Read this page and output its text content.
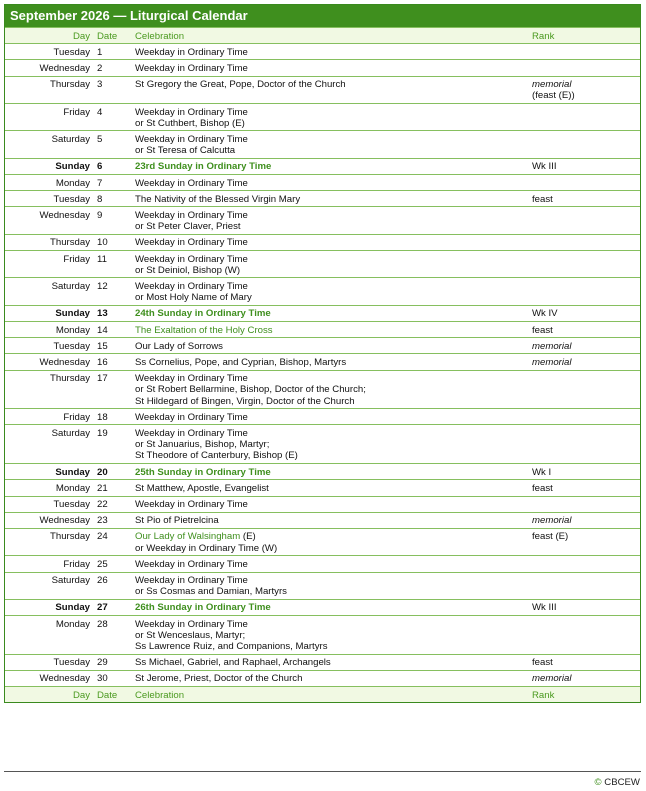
September 2026 — Liturgical Calendar
Day	Date	Celebration	Rank
Tuesday	1	Weekday in Ordinary Time	

Wednesday	2	Weekday in Ordinary Time	

Thursday	3	St Gregory the Great, Pope, Doctor of the Church	memorial
(feast (E))

Friday	4	Weekday in Ordinary Time
or St Cuthbert, Bishop (E)	

Saturday	5	Weekday in Ordinary Time
or St Teresa of Calcutta	

Sunday	6	23rd Sunday in Ordinary Time	Wk III

Monday	7	Weekday in Ordinary Time	

Tuesday	8	The Nativity of the Blessed Virgin Mary	feast

Wednesday	9	Weekday in Ordinary Time
or St Peter Claver, Priest	

Thursday	10	Weekday in Ordinary Time	

Friday	11	Weekday in Ordinary Time
or St Deiniol, Bishop (W)	

Saturday	12	Weekday in Ordinary Time
or Most Holy Name of Mary	

Sunday	13	24th Sunday in Ordinary Time	Wk IV

Monday	14	The Exaltation of the Holy Cross	feast

Tuesday	15	Our Lady of Sorrows	memorial

Wednesday	16	Ss Cornelius, Pope, and Cyprian, Bishop, Martyrs	memorial

Thursday	17	Weekday in Ordinary Time
or St Robert Bellarmine, Bishop, Doctor of the Church;
St Hildegard of Bingen, Virgin, Doctor of the Church	

Friday	18	Weekday in Ordinary Time	

Saturday	19	Weekday in Ordinary Time
or St Januarius, Bishop, Martyr;
St Theodore of Canterbury, Bishop (E)	

Sunday	20	25th Sunday in Ordinary Time	Wk I

Monday	21	St Matthew, Apostle, Evangelist	feast

Tuesday	22	Weekday in Ordinary Time	

Wednesday	23	St Pio of Pietrelcina	memorial

Thursday	24	Our Lady of Walsingham (E)
or Weekday in Ordinary Time (W)	feast (E)

Friday	25	Weekday in Ordinary Time	

Saturday	26	Weekday in Ordinary Time
or Ss Cosmas and Damian, Martyrs	

Sunday	27	26th Sunday in Ordinary Time	Wk III

Monday	28	Weekday in Ordinary Time
or St Wenceslaus, Martyr;
Ss Lawrence Ruiz, and Companions, Martyrs	

Tuesday	29	Ss Michael, Gabriel, and Raphael, Archangels	feast

Wednesday	30	St Jerome, Priest, Doctor of the Church	memorial

Day	Date	Celebration	Rank
© CBCEW
